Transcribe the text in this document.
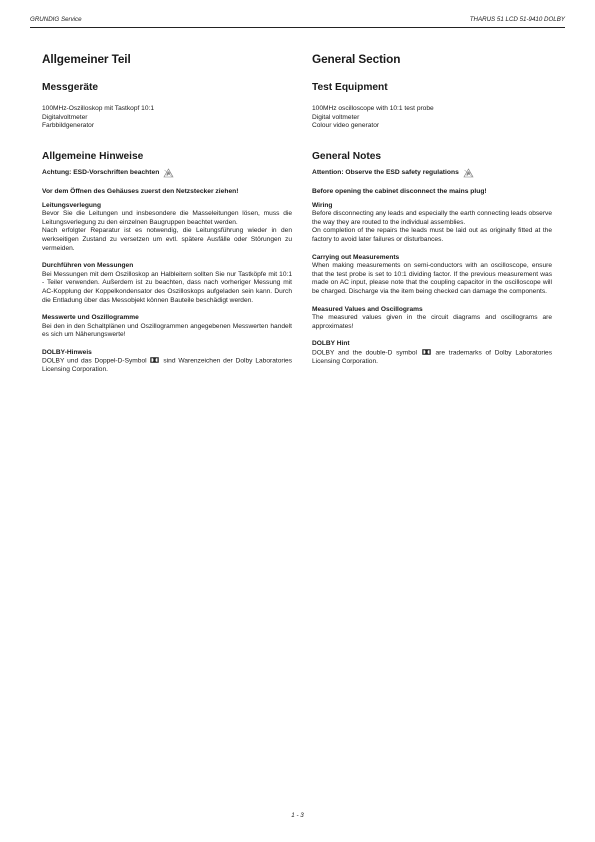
GRUNDIG Service	THARUS 51 LCD 51-9410 DOLBY
Allgemeiner Teil
Messgeräte
100MHz-Oszilloskop mit Tastkopf 10:1
Digitalvoltmeter
Farbbildgenerator
Allgemeine Hinweise
Achtung: ESD-Vorschriften beachten
Vor dem Öffnen des Gehäuses zuerst den Netzstecker ziehen!
Leitungsverlegung
Bevor Sie die Leitungen und insbesondere die Masseleitungen lösen, muss die Leitungsverlegung zu den einzelnen Baugruppen beachtet werden.
Nach erfolgter Reparatur ist es notwendig, die Leitungsführung wieder in den werkseitigen Zustand zu versetzen um evtl. spätere Ausfälle oder Störungen zu vermeiden.
Durchführen von Messungen
Bei Messungen mit dem Oszilloskop an Halbleitern sollten Sie nur Tastköpfe mit 10:1 - Teiler verwenden. Außerdem ist zu beachten, dass nach vorheriger Messung mit AC-Kopplung der Koppelkondensator des Oszilloskops aufgeladen sein kann. Durch die Entladung über das Messobjekt können Bauteile beschädigt werden.
Messwerte und Oszillogramme
Bei den in den Schaltplänen und Oszillogrammen angegebenen Messwerten handelt es sich um Näherungswerte!
DOLBY-Hinweis
DOLBY und das Doppel-D-Symbol	sind Warenzeichen der Dolby Laboratories Licensing Corporation.
General Section
Test Equipment
100MHz oscilloscope with 10:1 test probe
Digital voltmeter
Colour video generator
General Notes
Attention: Observe the ESD safety regulations
Before opening the cabinet disconnect the mains plug!
Wiring
Before disconnecting any leads and especially the earth connecting leads observe the way they are routed to the individual assemblies.
On completion of the repairs the leads must be laid out as originally fitted at the factory to avoid later failures or disturbances.
Carrying out Measurements
When making measurements on semi-conductors with an oscilloscope, ensure that the test probe is set to 10:1 dividing factor. If the previous measurement was made on AC input, please note that the coupling capacitor in the oscilloscope will be charged. Discharge via the item being checked can damage the components.
Measured Values and Oscillograms
The measured values given in the circuit diagrams and oscillograms are approximates!
DOLBY Hint
DOLBY and the double-D symbol	are trademarks of Dolby Laboratories Licensing Corporation.
1 - 3
